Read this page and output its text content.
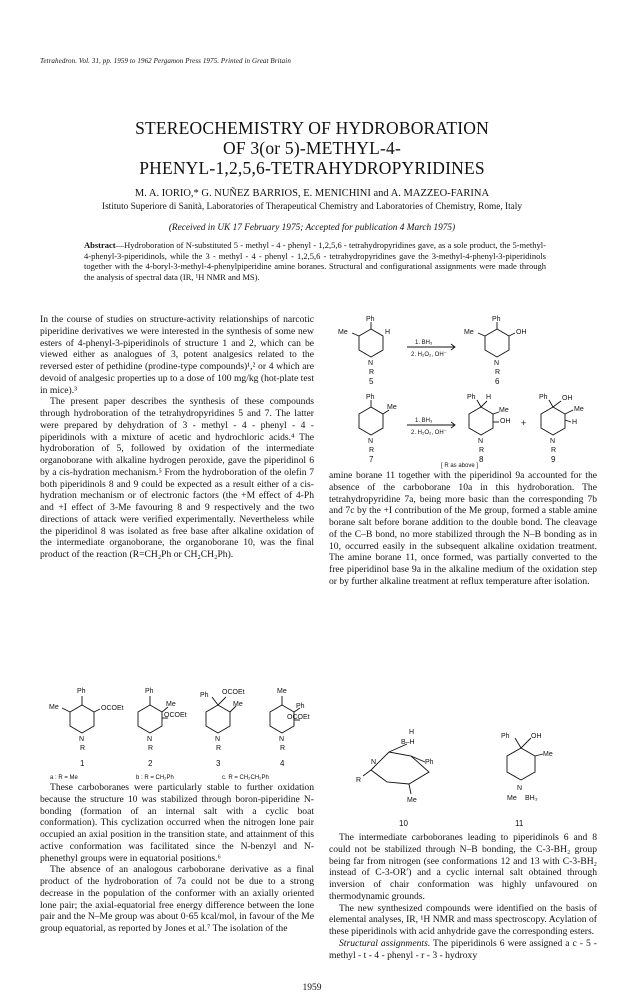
Tetrahedron. Vol. 31, pp. 1959 to 1962 Pergamon Press 1975. Printed in Great Britain
STEREOCHEMISTRY OF HYDROBORATION
OF 3(or 5)-METHYL-4-
PHENYL-1,2,5,6-TETRAHYDROPYRIDINES
M. A. IORIO,* G. NUÑEZ BARRIOS, E. MENICHINI and A. MAZZEO-FARINA
Istituto Superiore di Sanità, Laboratories of Therapeutical Chemistry and Laboratories of Chemistry, Rome, Italy
(Received in UK 17 February 1975; Accepted for publication 4 March 1975)
Abstract—Hydroboration of N-substituted 5 - methyl - 4 - phenyl - 1,2,5,6 - tetrahydropyridines gave, as a sole product, the 5-methyl-4-phenyl-3-piperidinols, while the 3 - methyl - 4 - phenyl - 1,2,5,6 - tetrahydropyridines gave the 3-methyl-4-phenyl-3-piperidinols together with the 4-boryl-3-methyl-4-phenylpiperidine amine boranes. Structural and configurational assignments were made through the analysis of spectral data (IR, ¹H NMR and MS).

In the course of studies on structure-activity relationships of narcotic piperidine derivatives we were interested in the synthesis of some new esters of 4-phenyl-3-piperidinols of structure 1 and 2, which can be viewed either as analogues of 3, potent analgesics related to the reversed ester of pethidine (prodine-type compounds)¹,² or 4 which are devoid of analgesic properties up to a dose of 100 mg/kg (hot-plate test in mice).³

The present paper describes the synthesis of these compounds through hydroboration of the tetrahydropyridines 5 and 7. The latter were prepared by dehydration of 3 - methyl - 4 - phenyl - 4 - piperidinols with a mixture of acetic and hydrochloric acids.⁴ The hydroboration of 5, followed by oxidation of the intermediate organoborane with alkaline hydrogen peroxide, gave the piperidinol 6 by a cis-hydration mechanism.⁵ From the hydroboration of the olefin 7 both piperidinols 8 and 9 could be expected as a result either of a cis-hydration mechanism or of electronic factors (the +M effect of 4-Ph and +I effect of 3-Me favouring 8 and 9 respectively and the two directions of attack were verified experimentally. Nevertheless while the piperidinol 8 was isolated as free base after alkaline oxidation of the intermediate organoborane, the organoborane 10, was the final product of the reaction (R=CH₂Ph or CH₂CH₂Ph).

Ph
Me	OCOEt
N
R
1
Ph
Me
OCOEt
N
R
2
Ph OCOEt
Me
N
R
3
Me
Ph
OCOEt
N
R
4
a : R = Me	b : R = CH₂Ph	c. R = CH₂CH₂Ph

These carboboranes were particularly stable to further oxidation because the structure 10 was stabilized through boron-piperidine N-bonding (formation of an internal salt with a cyclic boat conformation). This cyclization occurred when the nitrogen lone pair occupied an axial position in the transition state, and attainment of this active conformation was facilitated since the N-benzyl and N-phenethyl groups were in equatorial positions.⁶

The absence of an analogous carboborane derivative as a final product of the hydroboration of 7a could not be due to a strong decrease in the population of the conformer with an axially oriented lone pair; the axial-equatorial free energy difference between the lone pair and the N–Me group was about 0·65 kcal/mol, in favour of the Me group equatorial, as reported by Jones et al.⁷ The isolation of the

Ph
Me	H
N
R
5
1. BH₃
2. H₂O₂, OH⁻
Ph
Me	OH
N
R
6
Ph
Me
N
R
7
1. BH₃
2. H₂O₂, OH⁻
Ph H
Me
OH
N
R
8
+
Ph OH
Me
H
N
R
9
[ R as above ]

amine borane 11 together with the piperidinol 9a accounted for the absence of the carboborane 10a in this hydroboration. The tetrahydropyridine 7a, being more basic than the corresponding 7b and 7c by the +I contribution of the Me group, formed a stable amine borane salt before borane addition to the double bond. The cleavage of the C–B bond, no more stabilized through the N–B bonding as in 10, occurred easily in the subsequent alkaline oxidation treatment. The amine borane 11, once formed, was partially converted to the free piperidinol base 9a in the alkaline medium of the oxidation step or by further alkaline treatment at reflux temperature after isolation.

H
B–H
Ph
N
R
Me
10
Ph	OH
Me
N
Me BH₃
11

The intermediate carboboranes leading to piperidinols 6 and 8 could not be stabilized through N–B bonding, the C-3-BH₂ group being far from nitrogen (see conformations 12 and 13 with C-3-BH₂ instead of C-3-OR′) and a cyclic internal salt obtained through inversion of chair conformation was highly unfavoured on thermodynamic grounds.

The new synthesized compounds were identified on the basis of elemental analyses, IR, ¹H NMR and mass spectroscopy. Acylation of these piperidinols with acid anhydride gave the corresponding esters.

Structural assignments. The piperidinols 6 were assigned a c - 5 - methyl - t - 4 - phenyl - r - 3 - hydroxy

1959
